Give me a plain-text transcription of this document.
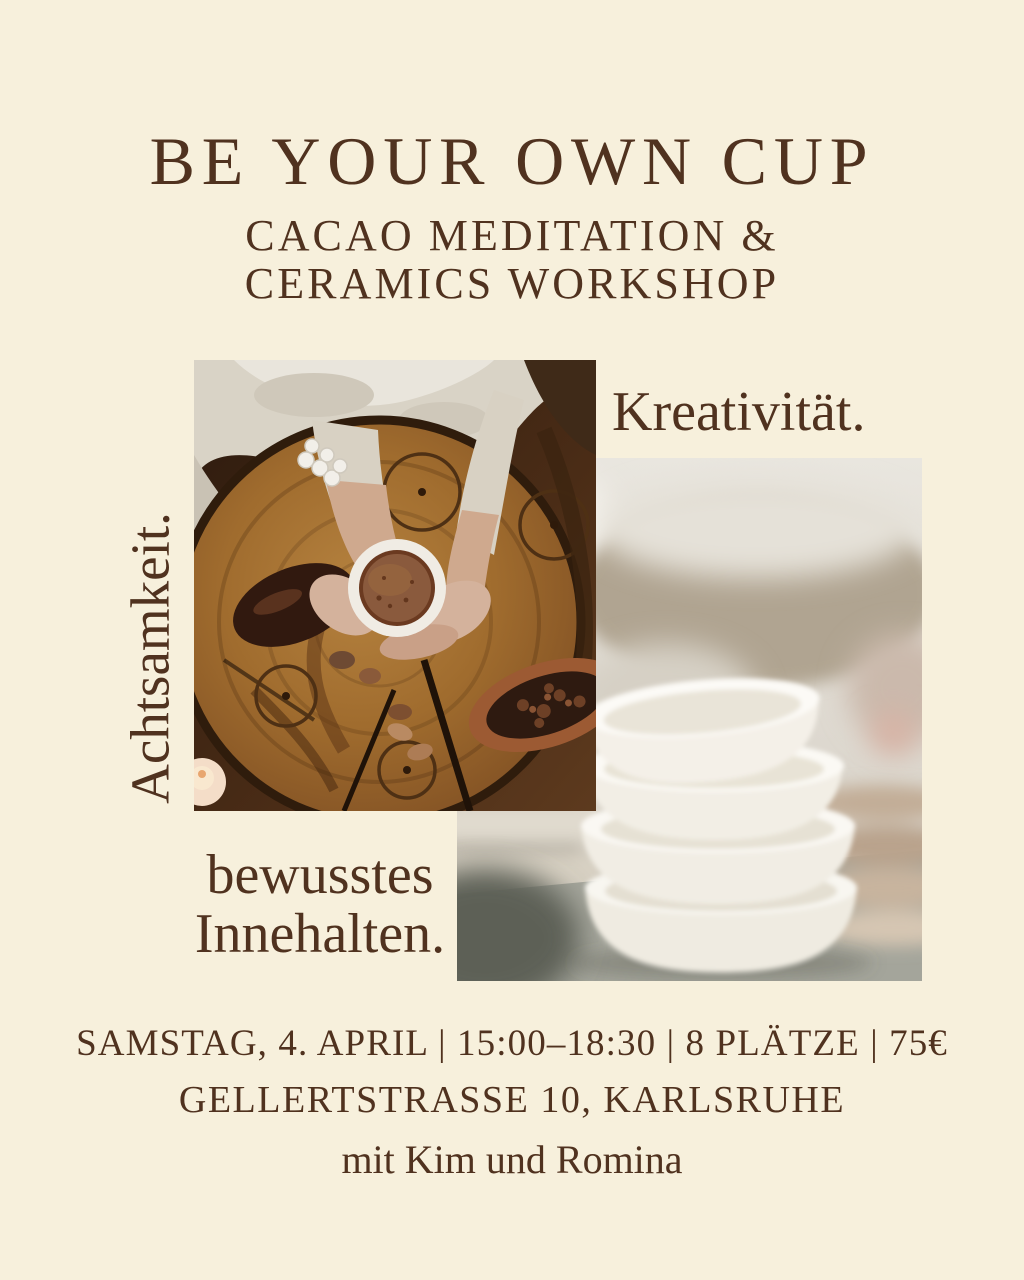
BE YOUR OWN CUP
CACAO MEDITATION &
CERAMICS WORKSHOP
Achtsamkeit.
Kreativität.
bewusstes
Innehalten.
SAMSTAG, 4. APRIL | 15:00–18:30 | 8 PLÄTZE | 75€
GELLERTSTRASSE 10, KARLSRUHE
mit Kim und Romina
